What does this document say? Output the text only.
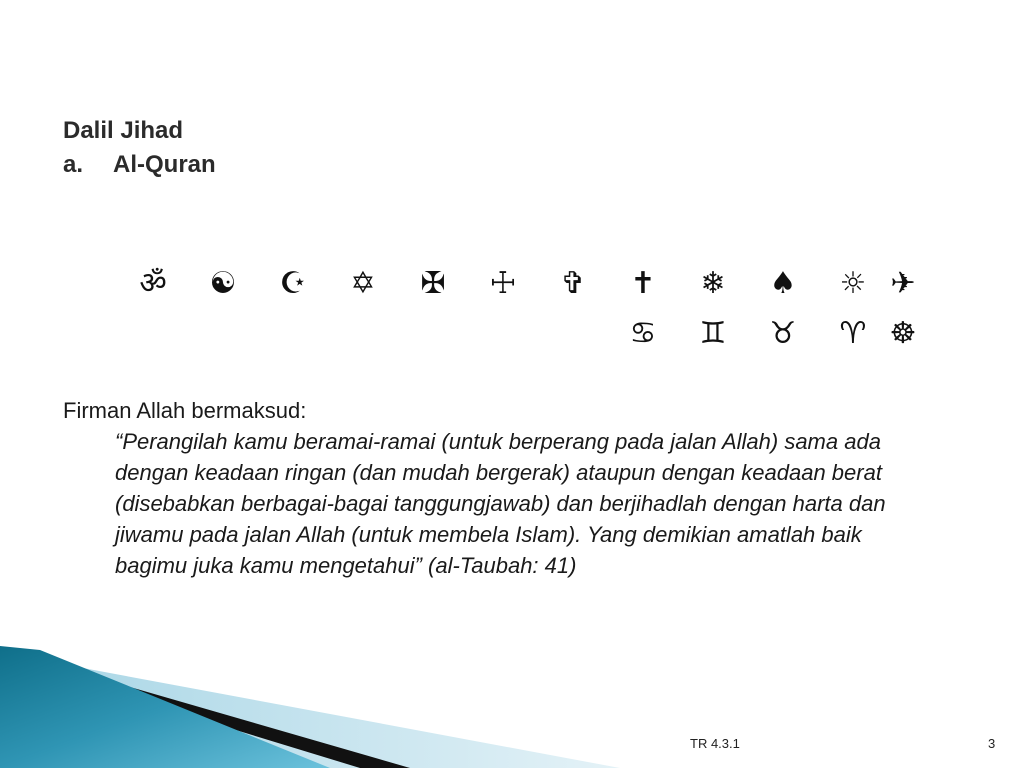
Dalil Jihad
a.	Al-Quran
ॐ	☯	☪	✡	✠	☩	✞	✝	❄	♠	☼ ✈
♋	♊	♉	♈ ☸
Firman Allah bermaksud:
“Perangilah kamu beramai-ramai (untuk berperang pada jalan Allah) sama ada dengan keadaan ringan (dan mudah bergerak) ataupun dengan keadaan berat (disebabkan berbagai-bagai tanggungjawab) dan berjihadlah dengan harta dan jiwamu pada jalan Allah (untuk membela Islam). Yang demikian amatlah baik bagimu juka kamu mengetahui” (al-Taubah: 41)
TR 4.3.1	3
